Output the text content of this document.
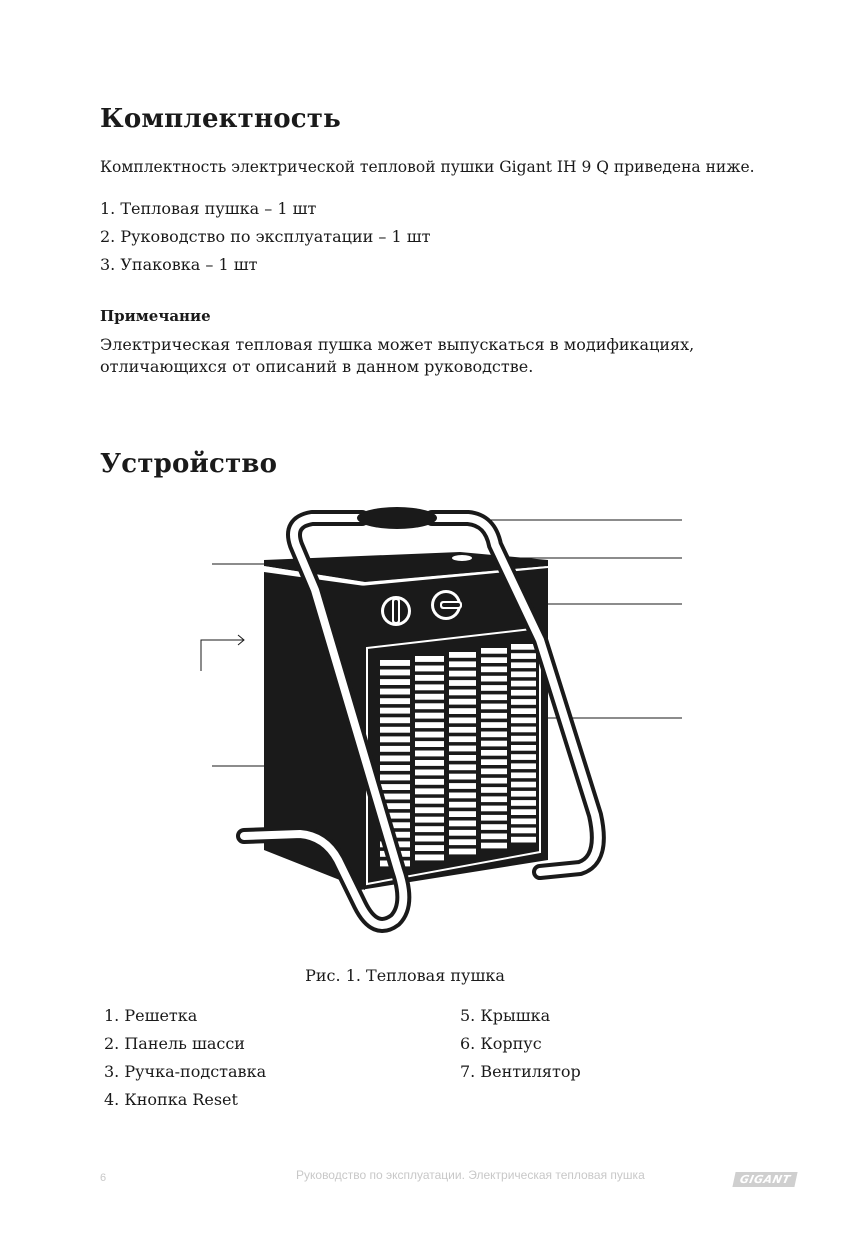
Комплектность

Комплектность электрической тепловой пушки Gigant IH 9 Q приведена ниже.

1. Тепловая пушка – 1 шт
2. Руководство по эксплуатации – 1 шт
3. Упаковка – 1 шт
Примечание
Электрическая тепловая пушка может выпускаться в модификациях,
отличающихся от описаний в данном руководстве.
Устройство
Рис. 1. Тепловая пушка
1. Решетка
2. Панель шасси
3. Ручка-подставка
4. Кнопка Reset
5. Крышка
6. Корпус
7. Вентилятор
6	Руководство по эксплуатации. Электрическая тепловая пушка	GIGANT
